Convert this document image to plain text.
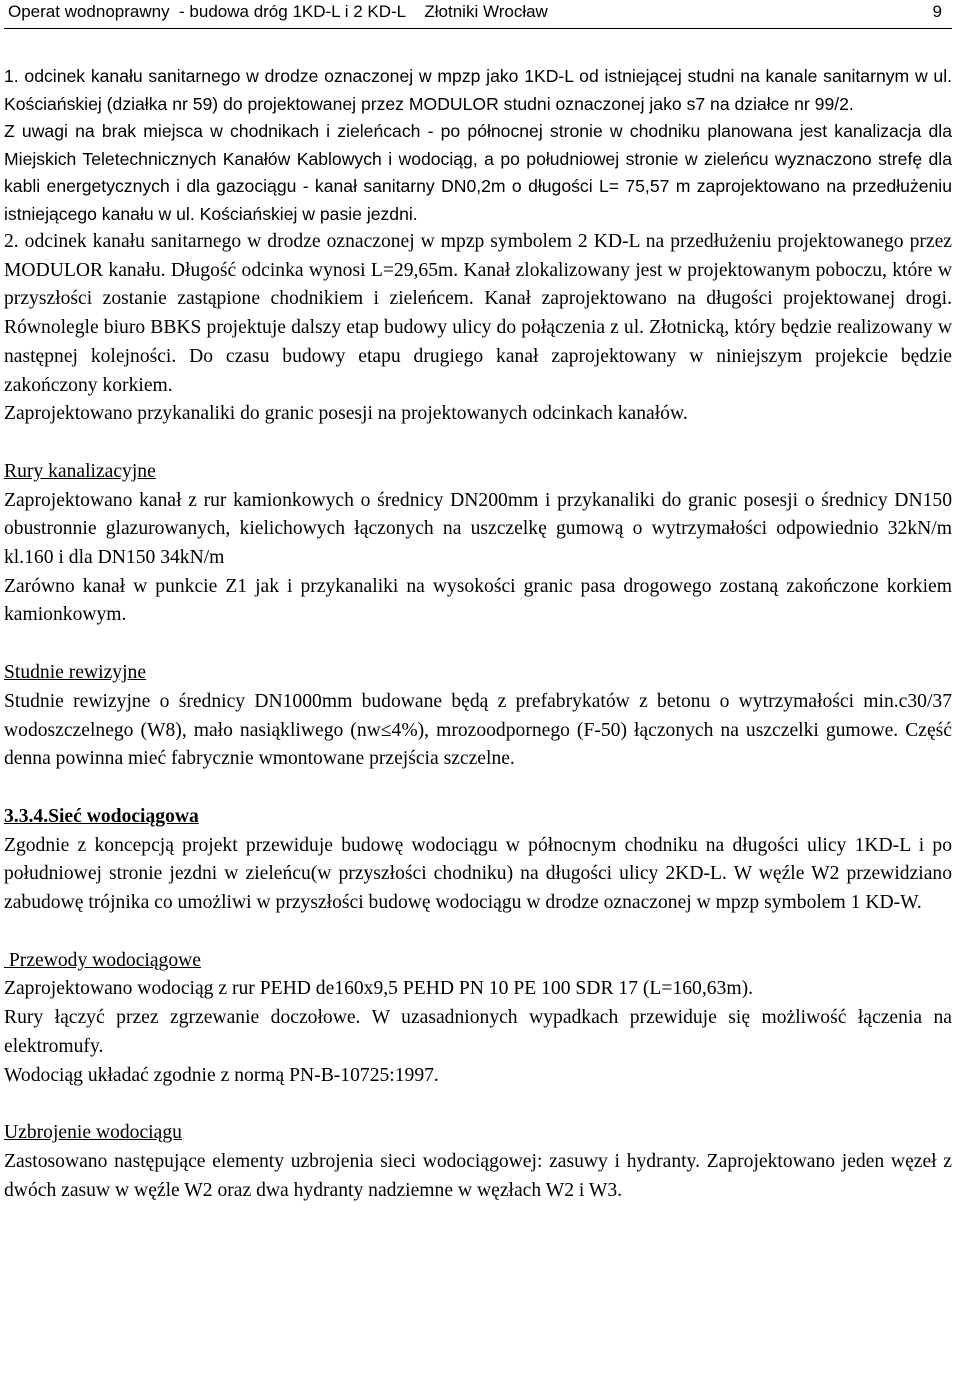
Operat wodnoprawny  - budowa dróg 1KD-L i 2 KD-L    Złotniki Wrocław	9

1. odcinek kanału sanitarnego w drodze oznaczonej w mpzp jako 1KD-L od istniejącej studni na kanale sanitarnym w ul. Kościańskiej (działka nr 59) do projektowanej przez MODULOR studni oznaczonej jako s7 na działce nr 99/2.

Z uwagi na brak miejsca w chodnikach i zieleńcach - po północnej stronie w chodniku planowana jest kanalizacja dla Miejskich Teletechnicznych Kanałów Kablowych i wodociąg, a po południowej stronie w zieleńcu wyznaczono strefę dla kabli energetycznych i dla gazociągu - kanał sanitarny DN0,2m o długości L= 75,57 m zaprojektowano na przedłużeniu istniejącego kanału w ul. Kościańskiej w pasie jezdni.

2. odcinek kanału sanitarnego w drodze oznaczonej w mpzp symbolem 2 KD-L na przedłużeniu projektowanego przez MODULOR kanału. Długość odcinka wynosi L=29,65m. Kanał zlokalizowany jest w projektowanym poboczu, które w przyszłości zostanie zastąpione chodnikiem i zieleńcem. Kanał zaprojektowano na długości projektowanej drogi. Równolegle biuro BBKS projektuje dalszy etap budowy ulicy do połączenia z ul. Złotnicką, który będzie realizowany w następnej kolejności. Do czasu budowy etapu drugiego kanał zaprojektowany w niniejszym projekcie będzie zakończony korkiem.

Zaprojektowano przykanaliki do granic posesji na projektowanych odcinkach kanałów.

Rury kanalizacyjne

Zaprojektowano kanał z rur kamionkowych o średnicy DN200mm i przykanaliki do granic posesji o średnicy DN150 obustronnie glazurowanych, kielichowych łączonych na uszczelkę gumową o wytrzymałości odpowiednio 32kN/m kl.160 i dla DN150 34kN/m

Zarówno kanał w punkcie Z1 jak i przykanaliki na wysokości granic pasa drogowego zostaną zakończone korkiem kamionkowym.

Studnie rewizyjne

Studnie rewizyjne o średnicy DN1000mm budowane będą z prefabrykatów z betonu o wytrzymałości min.c30/37 wodoszczelnego (W8), mało nasiąkliwego (nw≤4%), mrozoodpornego (F-50) łączonych na uszczelki gumowe. Część denna powinna mieć fabrycznie wmontowane przejścia szczelne.

3.3.4.Sieć wodociągowa

Zgodnie z koncepcją projekt przewiduje budowę wodociągu w północnym chodniku na długości ulicy 1KD-L i po południowej stronie jezdni w zieleńcu(w przyszłości chodniku) na długości ulicy 2KD-L. W węźle W2 przewidziano zabudowę trójnika co umożliwi w przyszłości budowę wodociągu w drodze oznaczonej w mpzp symbolem 1 KD-W.

Przewody wodociągowe

Zaprojektowano wodociąg z rur PEHD de160x9,5 PEHD PN 10 PE 100 SDR 17 (L=160,63m).

Rury łączyć przez zgrzewanie doczołowe. W uzasadnionych wypadkach przewiduje się możliwość łączenia na elektromufy.

Wodociąg układać zgodnie z normą PN-B-10725:1997.

Uzbrojenie wodociągu

Zastosowano następujące elementy uzbrojenia sieci wodociągowej: zasuwy i hydranty. Zaprojektowano jeden węzeł z dwóch zasuw w węźle W2 oraz dwa hydranty nadziemne w węzłach W2 i W3.
